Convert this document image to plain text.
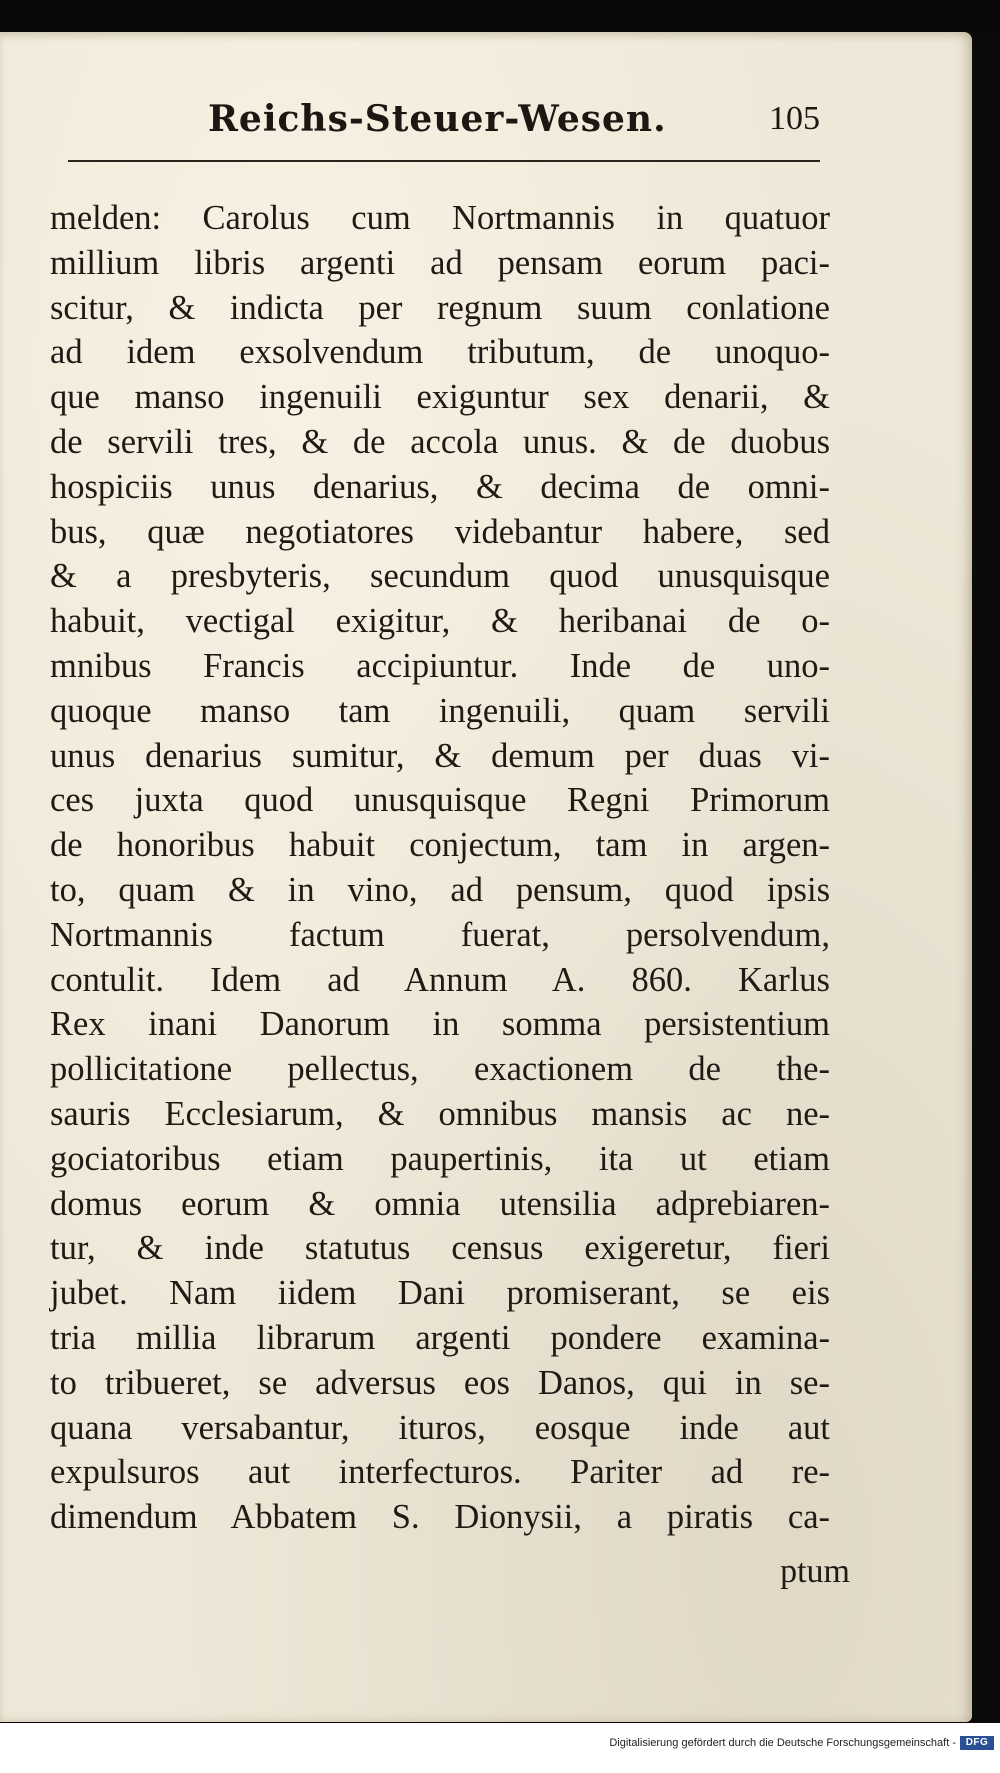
Reichs-Steuer-Wesen.	105
melden: Carolus cum Nortmannis in quatuor
millium libris argenti ad pensam eorum paci-
scitur, & indicta per regnum suum conlatione
ad idem exsolvendum tributum, de unoquo-
que manso ingenuili exiguntur sex denarii, &
de servili tres, & de accola unus. & de duobus
hospiciis unus denarius, & decima de omni-
bus, quæ negotiatores videbantur habere, sed
& a presbyteris, secundum quod unusquisque
habuit, vectigal exigitur, & heribanai de o-
mnibus Francis accipiuntur. Inde de uno-
quoque manso tam ingenuili, quam servili
unus denarius sumitur, & demum per duas vi-
ces juxta quod unusquisque Regni Primorum
de honoribus habuit conjectum, tam in argen-
to, quam & in vino, ad pensum, quod ipsis
Nortmannis factum fuerat, persolvendum,
contulit. Idem ad Annum A. 860. Karlus
Rex inani Danorum in somma persistentium
pollicitatione pellectus, exactionem de the-
sauris Ecclesiarum, & omnibus mansis ac ne-
gociatoribus etiam paupertinis, ita ut etiam
domus eorum & omnia utensilia adprebiaren-
tur, & inde statutus census exigeretur, fieri
jubet. Nam iidem Dani promiserant, se eis
tria millia librarum argenti pondere examina-
to tribueret, se adversus eos Danos, qui in se-
quana versabantur, ituros, eosque inde aut
expulsuros aut interfecturos. Pariter ad re-
dimendum Abbatem S. Dionysii, a piratis ca-
ptum
Digitalisierung gefördert durch die Deutsche Forschungsgemeinschaft - DFG
